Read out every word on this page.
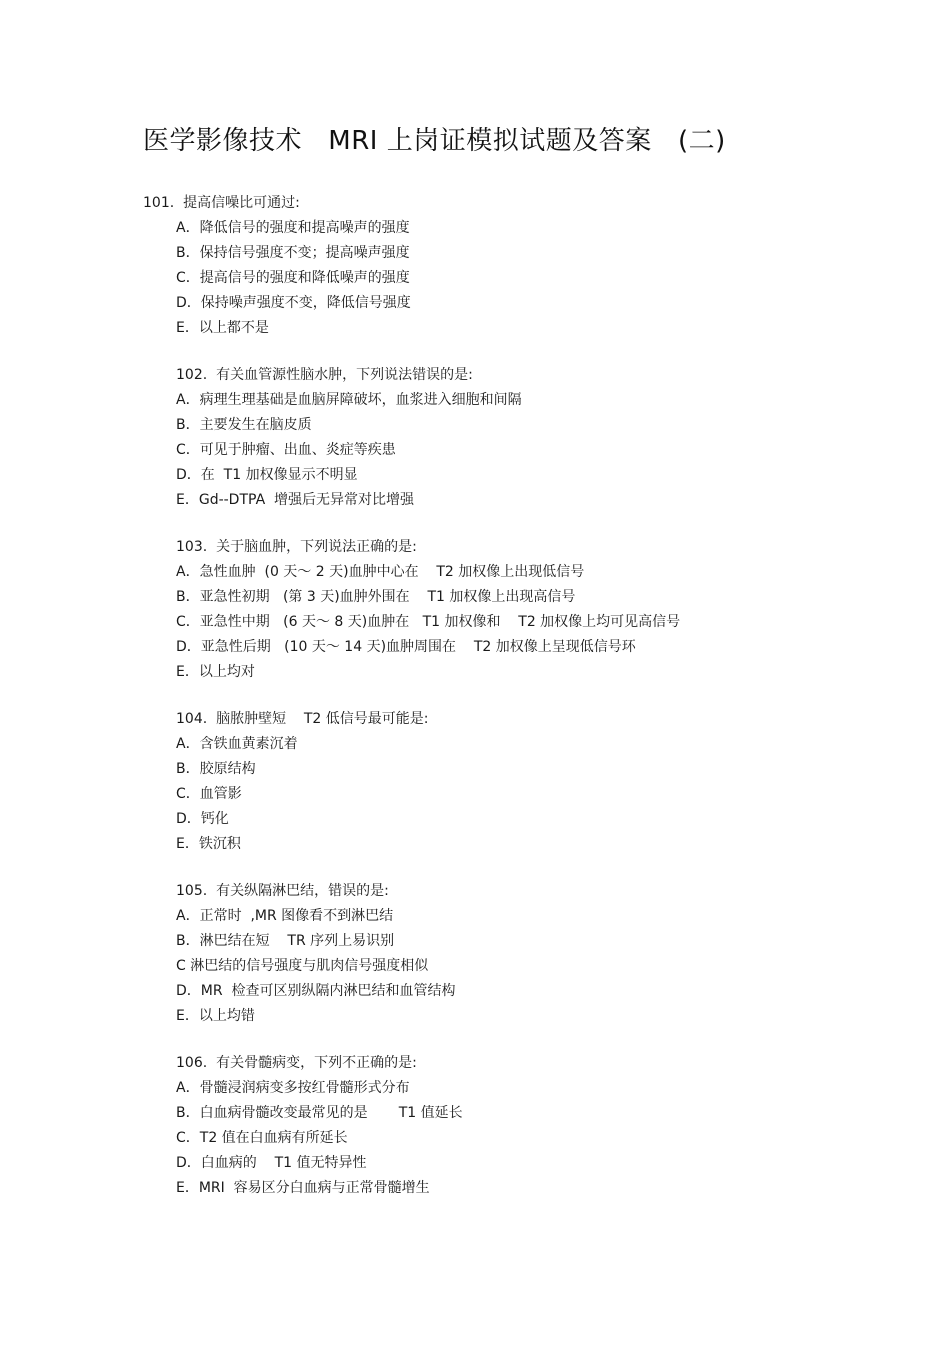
医学影像技术   MRI 上岗证模拟试题及答案   (二)
101.  提高信噪比可通过:
A．降低信号的强度和提高噪声的强度
B．保持信号强度不变；提高噪声强度
C．提高信号的强度和降低噪声的强度
D．保持噪声强度不变，降低信号强度
E．以上都不是
102.  有关血管源性脑水肿，下列说法错误的是:
A．病理生理基础是血脑屏障破坏，血浆进入细胞和间隔
B．主要发生在脑皮质
C．可见于肿瘤、出血、炎症等疾患
D．在  T1 加权像显示不明显
E．Gd--DTPA  增强后无异常对比增强
103.  关于脑血肿，下列说法正确的是:
A．急性血肿  (0 天～ 2 天)血肿中心在    T2 加权像上出现低信号
B．亚急性初期   (第 3 天)血肿外围在    T1 加权像上出现高信号
C．亚急性中期   (6 天～ 8 天)血肿在   T1 加权像和    T2 加权像上均可见高信号
D．亚急性后期   (10 天～ 14 天)血肿周围在    T2 加权像上呈现低信号环
E．以上均对
104.  脑脓肿壁短    T2 低信号最可能是:
A．含铁血黄素沉着
B．胶原结构
C．血管影
D．钙化
E．铁沉积
105.  有关纵隔淋巴结，错误的是:
A．正常时  ,MR 图像看不到淋巴结
B．淋巴结在短    TR 序列上易识别
C 淋巴结的信号强度与肌肉信号强度相似
D．MR  检查可区别纵隔内淋巴结和血管结构
E．以上均错
106.  有关骨髓病变，下列不正确的是:
A．骨髓浸润病变多按红骨髓形式分布
B．白血病骨髓改变最常见的是       T1 值延长
C．T2 值在白血病有所延长
D．白血病的    T1 值无特异性
E．MRI  容易区分白血病与正常骨髓增生
